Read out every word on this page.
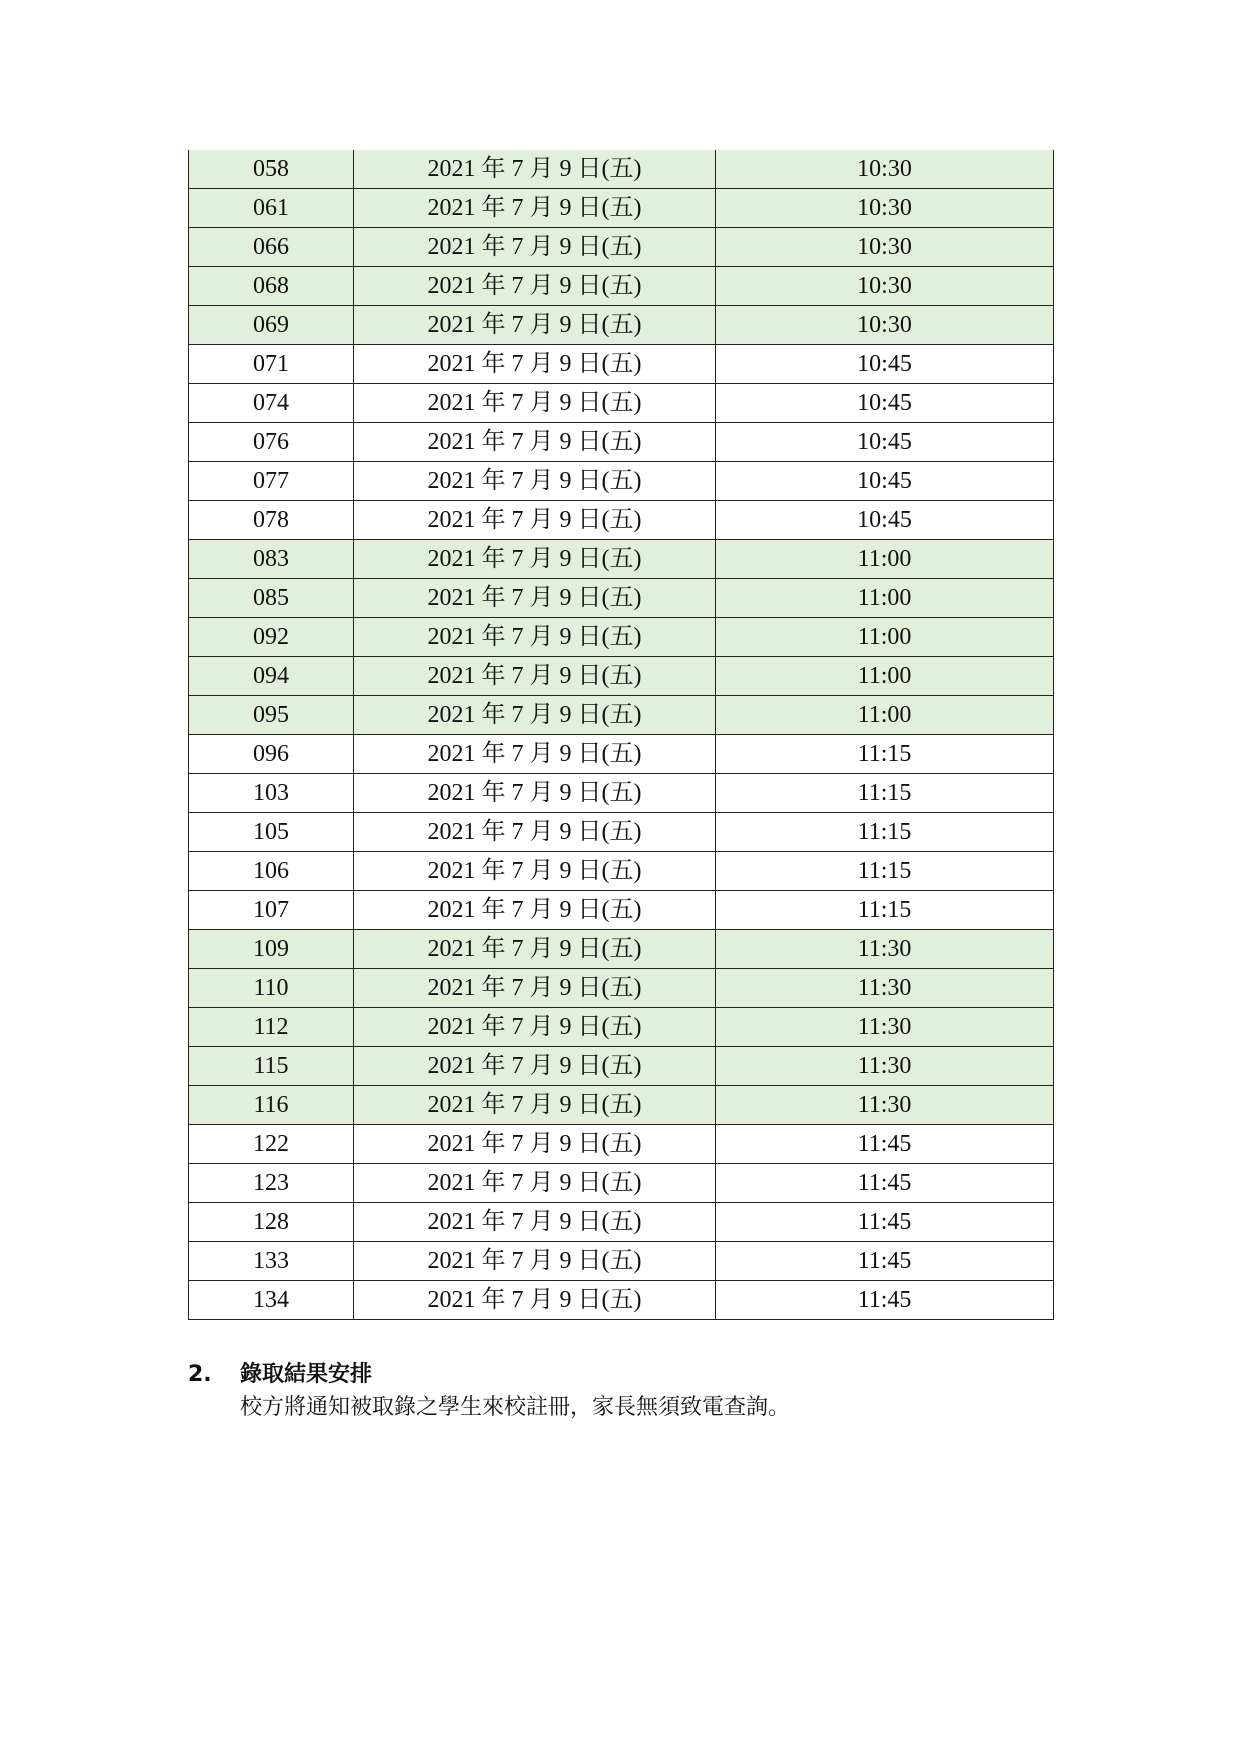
058	2021 年 7 月 9 日(五)	10:30
061	2021 年 7 月 9 日(五)	10:30
066	2021 年 7 月 9 日(五)	10:30
068	2021 年 7 月 9 日(五)	10:30
069	2021 年 7 月 9 日(五)	10:30
071	2021 年 7 月 9 日(五)	10:45
074	2021 年 7 月 9 日(五)	10:45
076	2021 年 7 月 9 日(五)	10:45
077	2021 年 7 月 9 日(五)	10:45
078	2021 年 7 月 9 日(五)	10:45
083	2021 年 7 月 9 日(五)	11:00
085	2021 年 7 月 9 日(五)	11:00
092	2021 年 7 月 9 日(五)	11:00
094	2021 年 7 月 9 日(五)	11:00
095	2021 年 7 月 9 日(五)	11:00
096	2021 年 7 月 9 日(五)	11:15
103	2021 年 7 月 9 日(五)	11:15
105	2021 年 7 月 9 日(五)	11:15
106	2021 年 7 月 9 日(五)	11:15
107	2021 年 7 月 9 日(五)	11:15
109	2021 年 7 月 9 日(五)	11:30
110	2021 年 7 月 9 日(五)	11:30
112	2021 年 7 月 9 日(五)	11:30
115	2021 年 7 月 9 日(五)	11:30
116	2021 年 7 月 9 日(五)	11:30
122	2021 年 7 月 9 日(五)	11:45
123	2021 年 7 月 9 日(五)	11:45
128	2021 年 7 月 9 日(五)	11:45
133	2021 年 7 月 9 日(五)	11:45
134	2021 年 7 月 9 日(五)	11:45
2.	錄取結果安排
校方將通知被取錄之學生來校註冊，家長無須致電查詢。
